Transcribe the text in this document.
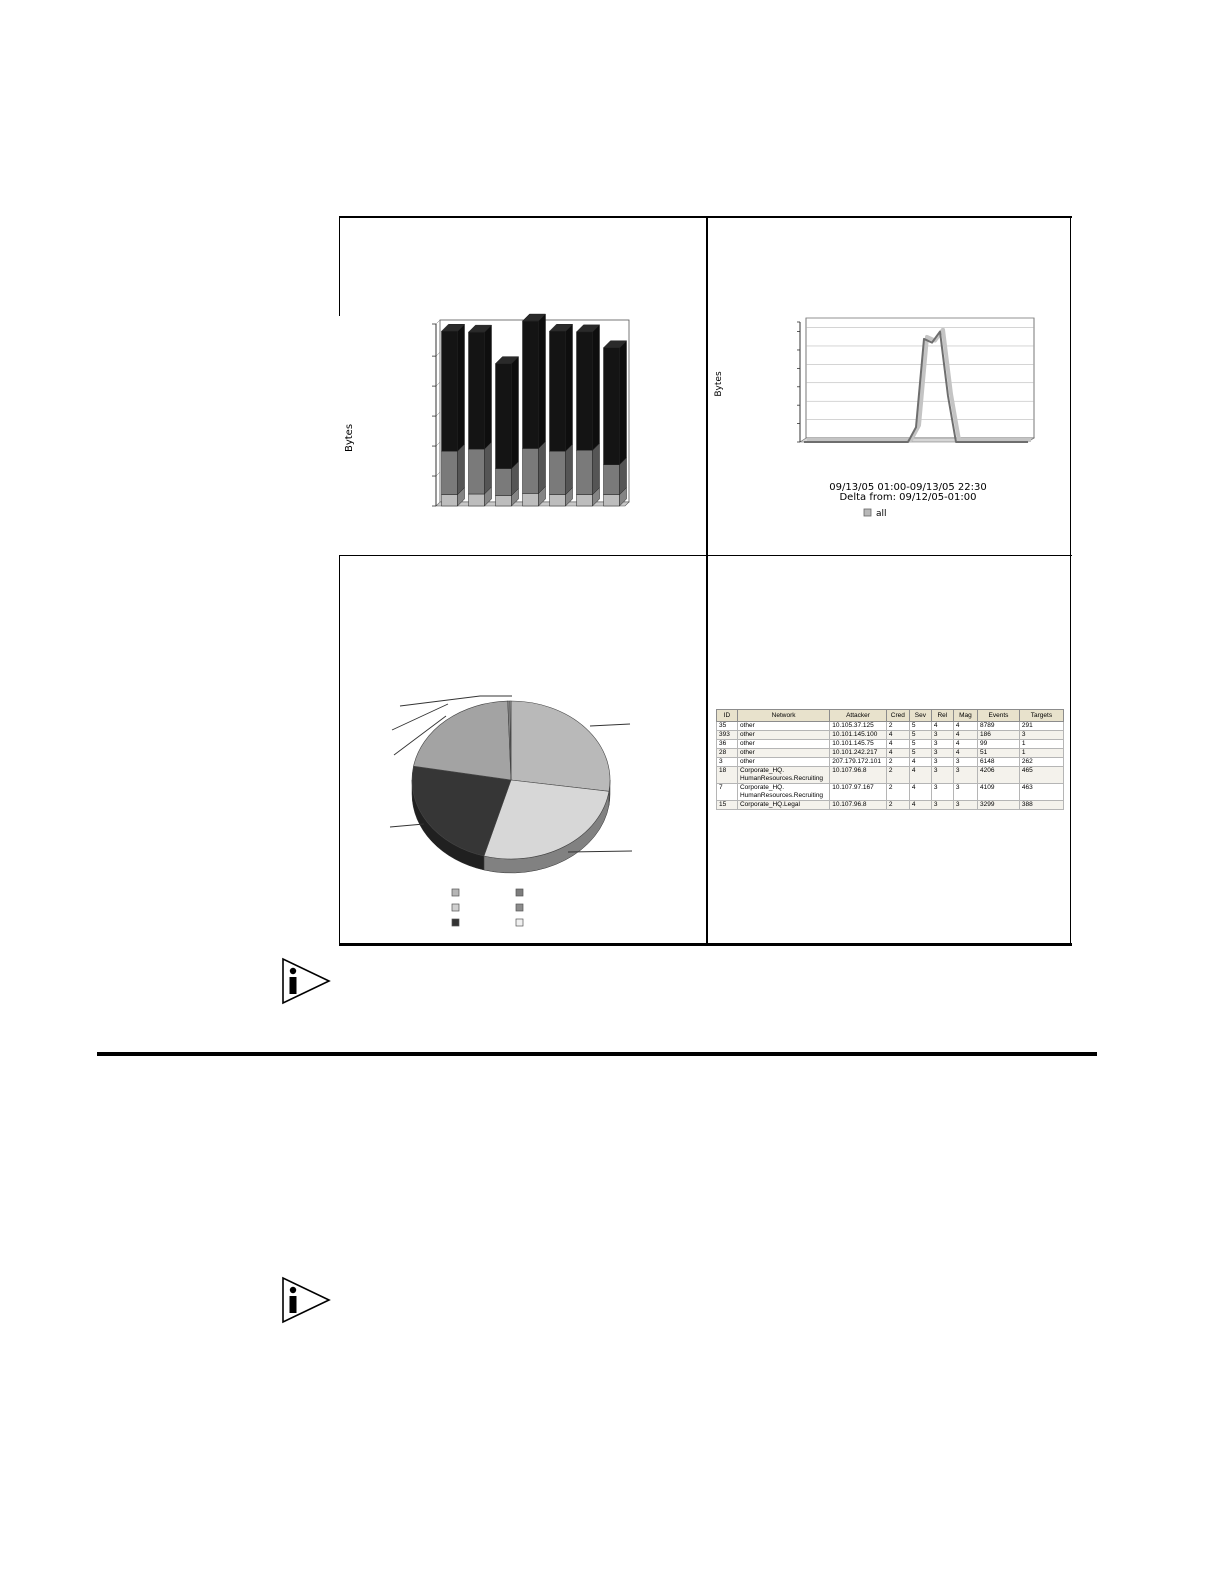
Bytes
Bytes
09/13/05 01:00-09/13/05 22:30
Delta from: 09/12/05-01:00
all
ID	Network	Attacker	Cred	Sev	Rel	Mag	Events	Targets
35	other	10.105.37.125	2	5	4	4	8789	291
393	other	10.101.145.100	4	5	3	4	186	3
36	other	10.101.145.75	4	5	3	4	99	1
28	other	10.101.242.217	4	5	3	4	51	1
3	other	207.179.172.101	2	4	3	3	6148	262
18	Corporate_HQ.
HumanResources.Recruiting	10.107.96.8	2	4	3	3	4206	465
7	Corporate_HQ.
HumanResources.Recruiting	10.107.97.167	2	4	3	3	4109	463
15	Corporate_HQ.Legal	10.107.96.8	2	4	3	3	3299	388
